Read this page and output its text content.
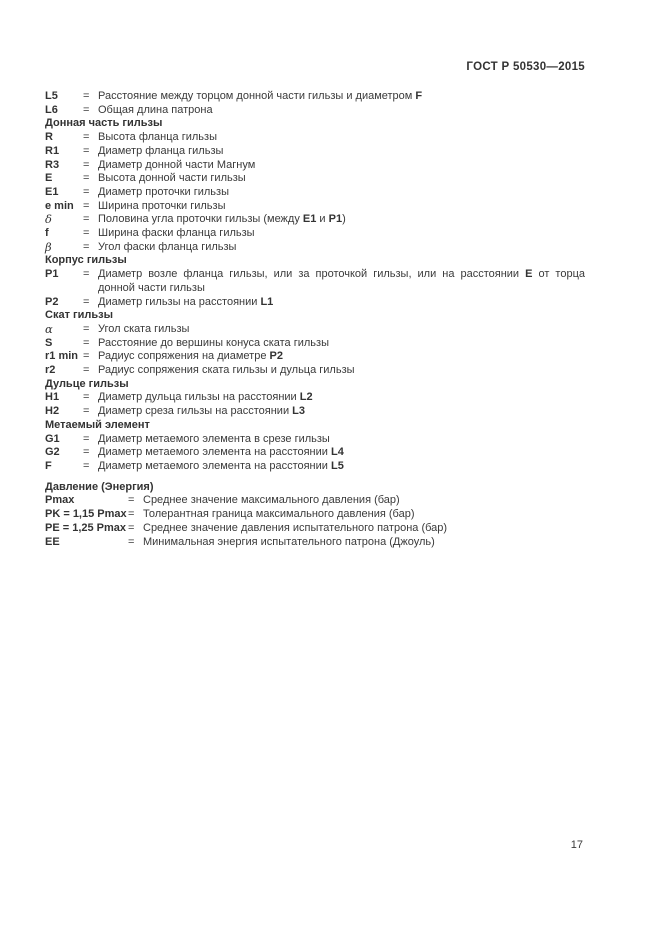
ГОСТ Р 50530—2015
L5	= Расстояние между торцом донной части гильзы и диаметром F
L6	= Общая длина патрона
Донная часть гильзы
R	= Высота фланца гильзы
R1	= Диаметр фланца гильзы
R3	= Диаметр донной части Магнум
E	= Высота донной части гильзы
E1	= Диаметр проточки гильзы
e min = Ширина проточки гильзы
δ	= Половина угла проточки гильзы (между E1 и P1)
f	= Ширина фаски фланца гильзы
β	= Угол фаски фланца гильзы
Корпус гильзы
P1	= Диаметр возле фланца гильзы, или за проточкой гильзы, или на расстоянии E от торца донной части гильзы
P2	= Диаметр гильзы на расстоянии L1
Скат гильзы
α	= Угол ската гильзы
S	= Расстояние до вершины конуса ската гильзы
r1 min = Радиус сопряжения на диаметре P2
r2	= Радиус сопряжения ската гильзы и дульца гильзы
Дульце гильзы
H1	= Диаметр дульца гильзы на расстоянии L2
H2	= Диаметр среза гильзы на расстоянии L3
Метаемый элемент
G1	= Диаметр метаемого элемента в срезе гильзы
G2	= Диаметр метаемого элемента на расстоянии L4
F	= Диаметр метаемого элемента на расстоянии L5
Давление (Энергия)
Pmax	= Среднее значение максимального давления (бар)
PK = 1,15 Pmax = Толерантная граница максимального давления (бар)
PE = 1,25 Pmax = Среднее значение давления испытательного патрона (бар)
EE	= Минимальная энергия испытательного патрона (Джоуль)
17
